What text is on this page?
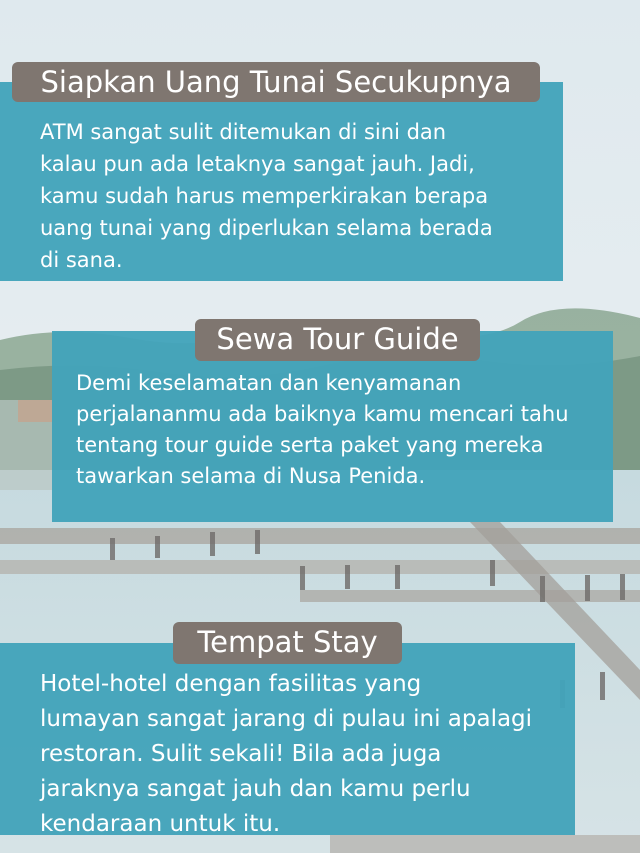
ATM sangat sulit ditemukan di sini dan
kalau pun ada letaknya sangat jauh. Jadi,
kamu sudah harus memperkirakan berapa
uang tunai yang diperlukan selama berada
di sana.

Siapkan Uang Tunai Secukupnya

Demi keselamatan dan kenyamanan
perjalananmu ada baiknya kamu mencari tahu
tentang tour guide serta paket yang mereka
tawarkan selama di Nusa Penida.

Sewa Tour Guide

Hotel-hotel dengan fasilitas yang
lumayan sangat jarang di pulau ini apalagi
restoran. Sulit sekali! Bila ada juga
jaraknya sangat jauh dan kamu perlu
kendaraan untuk itu.

Tempat Stay
